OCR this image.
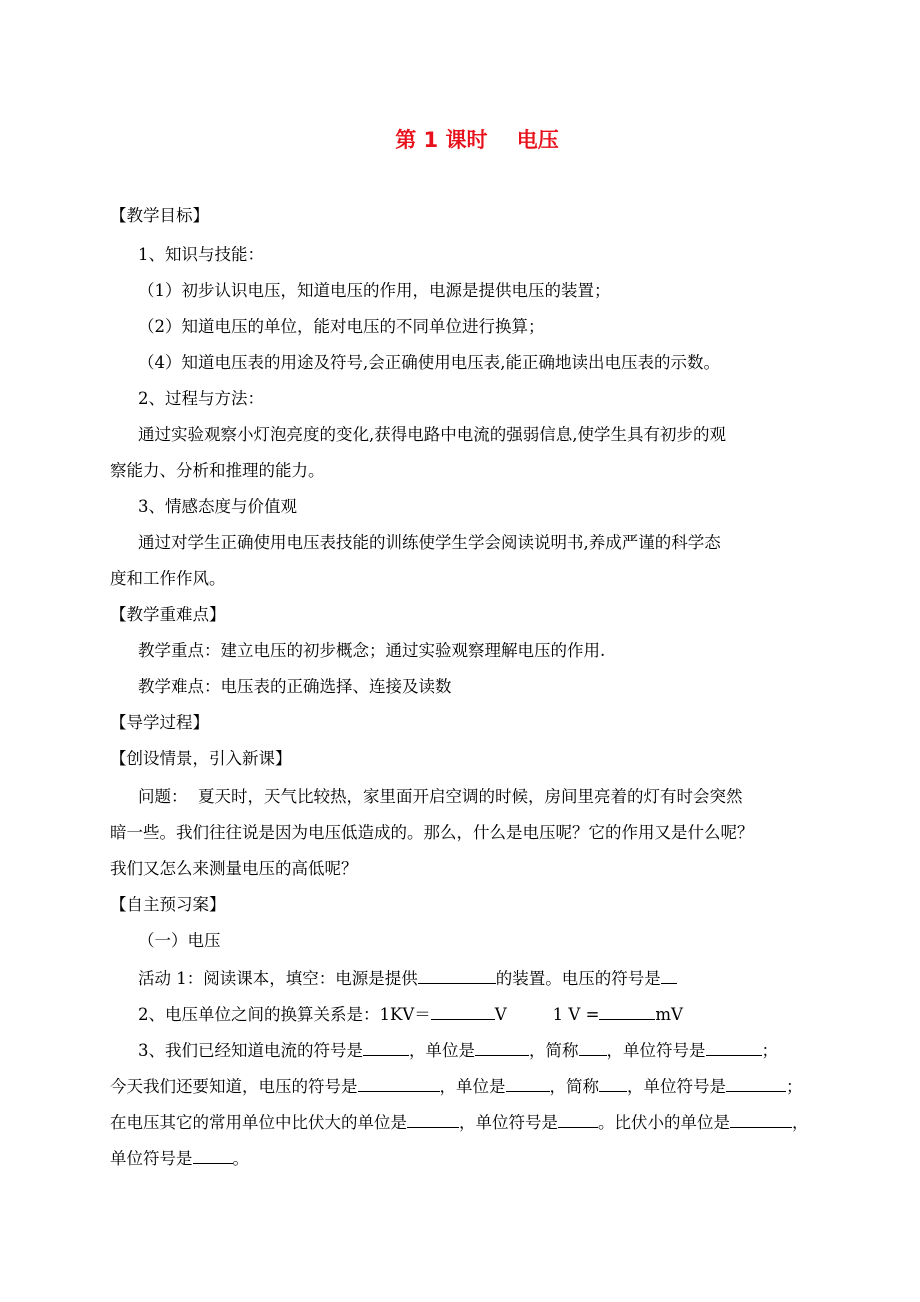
第 1 课时    电压
【教学目标】
1、知识与技能：
（1）初步认识电压，知道电压的作用，电源是提供电压的装置；
（2）知道电压的单位，能对电压的不同单位进行换算；
（4）知道电压表的用途及符号,会正确使用电压表,能正确地读出电压表的示数。
2、过程与方法：
通过实验观察小灯泡亮度的变化,获得电路中电流的强弱信息,使学生具有初步的观
察能力、分析和推理的能力。
3、情感态度与价值观
通过对学生正确使用电压表技能的训练使学生学会阅读说明书,养成严谨的科学态
度和工作作风。
【教学重难点】
教学重点：建立电压的初步概念；通过实验观察理解电压的作用.
教学难点：电压表的正确选择、连接及读数
【导学过程】
【创设情景，引入新课】
问题：  夏天时，天气比较热，家里面开启空调的时候，房间里亮着的灯有时会突然
暗一些。我们往往说是因为电压低造成的。那么，什么是电压呢？它的作用又是什么呢？
我们又怎么来测量电压的高低呢？
【自主预习案】
（一）电压
活动 1：阅读课本，填空：电源是提供	的装置。电压的符号是
2、电压单位之间的换算关系是：1KV＝	V	1 V =	mV
3、我们已经知道电流的符号是	，单位是	，简称 ，单位符号是	；
今天我们还要知道，电压的符号是	，单位是	，简称 ，单位符号是	；
在电压其它的常用单位中比伏大的单位是	，单位符号是 。比伏小的单位是	，
单位符号是 。
